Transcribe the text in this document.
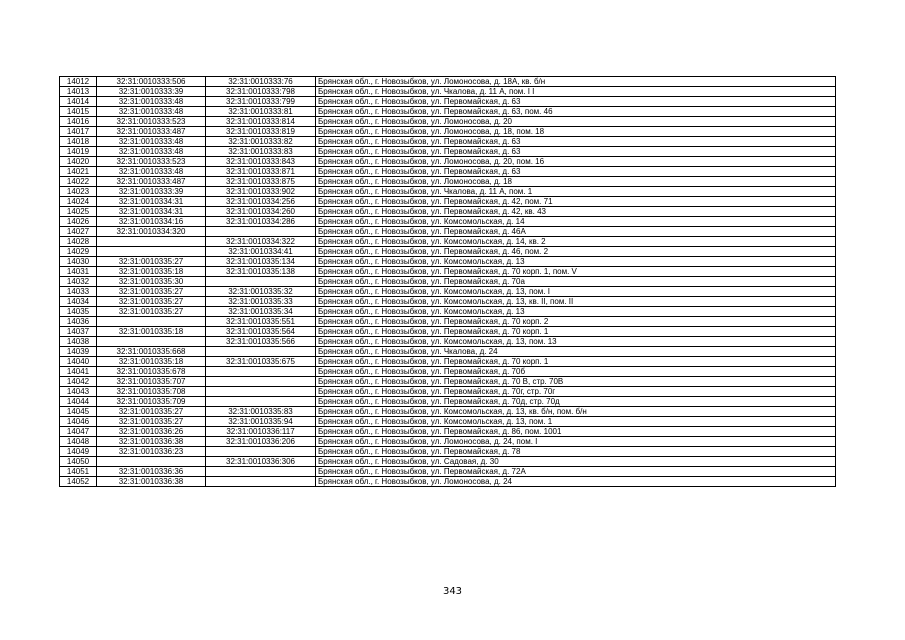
14012	32:31:0010333:506	32:31:0010333:76	Брянская обл., г. Новозыбков, ул. Ломоносова, д. 18А, кв. б/н
14013	32:31:0010333:39	32:31:0010333:798	Брянская обл., г. Новозыбков, ул. Чкалова, д. 11 А, пом. I I
14014	32:31:0010333:48	32:31:0010333:799	Брянская обл., г. Новозыбков, ул. Первомайская, д. 63
14015	32:31:0010333:48	32:31:0010333:81	Брянская обл., г. Новозыбков, ул. Первомайская, д. 63, пом. 46
14016	32:31:0010333:523	32:31:0010333:814	Брянская обл., г. Новозыбков, ул. Ломоносова, д. 20
14017	32:31:0010333:487	32:31:0010333:819	Брянская обл., г. Новозыбков, ул. Ломоносова, д. 18, пом. 18
14018	32:31:0010333:48	32:31:0010333:82	Брянская обл., г. Новозыбков, ул. Первомайская, д. 63
14019	32:31:0010333:48	32:31:0010333:83	Брянская обл., г. Новозыбков, ул. Первомайская, д. 63
14020	32:31:0010333:523	32:31:0010333:843	Брянская обл., г. Новозыбков, ул. Ломоносова, д. 20, пом. 16
14021	32:31:0010333:48	32:31:0010333:871	Брянская обл., г. Новозыбков, ул. Первомайская, д. 63
14022	32:31:0010333:487	32:31:0010333:875	Брянская обл., г. Новозыбков, ул. Ломоносова, д. 18
14023	32:31:0010333:39	32:31:0010333:902	Брянская обл., г. Новозыбков, ул. Чкалова, д. 11 А, пом. 1
14024	32:31:0010334:31	32:31:0010334:256	Брянская обл., г. Новозыбков, ул. Первомайская, д. 42, пом. 71
14025	32:31:0010334:31	32:31:0010334:260	Брянская обл., г. Новозыбков, ул. Первомайская, д. 42, кв. 43
14026	32:31:0010334:16	32:31:0010334:286	Брянская обл., г. Новозыбков, ул. Комсомольская, д. 14
14027	32:31:0010334:320		Брянская обл., г. Новозыбков, ул. Первомайская, д. 46А
14028		32:31:0010334:322	Брянская обл., г. Новозыбков, ул. Комсомольская, д. 14, кв. 2
14029		32:31:0010334:41	Брянская обл., г. Новозыбков, ул. Первомайская, д. 46, пом. 2
14030	32:31:0010335:27	32:31:0010335:134	Брянская обл., г. Новозыбков, ул. Комсомольская, д. 13
14031	32:31:0010335:18	32:31:0010335:138	Брянская обл., г. Новозыбков, ул. Первомайская, д. 70 корп. 1, пом. V
14032	32:31:0010335:30		Брянская обл., г. Новозыбков, ул. Первомайская, д. 70а
14033	32:31:0010335:27	32:31:0010335:32	Брянская обл., г. Новозыбков, ул. Комсомольская, д. 13, пом. I
14034	32:31:0010335:27	32:31:0010335:33	Брянская обл., г. Новозыбков, ул. Комсомольская, д. 13, кв. II, пом. II
14035	32:31:0010335:27	32:31:0010335:34	Брянская обл., г. Новозыбков, ул. Комсомольская, д. 13
14036		32:31:0010335:551	Брянская обл., г. Новозыбков, ул. Первомайская, д. 70 корп. 2
14037	32:31:0010335:18	32:31:0010335:564	Брянская обл., г. Новозыбков, ул. Первомайская, д. 70 корп. 1
14038		32:31:0010335:566	Брянская обл., г. Новозыбков, ул. Комсомольская, д. 13, пом. 13
14039	32:31:0010335:668		Брянская обл., г. Новозыбков, ул. Чкалова, д. 24
14040	32:31:0010335:18	32:31:0010335:675	Брянская обл., г. Новозыбков, ул. Первомайская, д. 70 корп. 1
14041	32:31:0010335:678		Брянская обл., г. Новозыбков, ул. Первомайская, д. 70б
14042	32:31:0010335:707		Брянская обл., г. Новозыбков, ул. Первомайская, д. 70 В, стр. 70В
14043	32:31:0010335:708		Брянская обл., г. Новозыбков, ул. Первомайская, д. 70г, стр. 70г
14044	32:31:0010335:709		Брянская обл., г. Новозыбков, ул. Первомайская, д. 70д, стр. 70д
14045	32:31:0010335:27	32:31:0010335:83	Брянская обл., г. Новозыбков, ул. Комсомольская, д. 13, кв. б/н, пом. б/н
14046	32:31:0010335:27	32:31:0010335:94	Брянская обл., г. Новозыбков, ул. Комсомольская, д. 13, пом. 1
14047	32:31:0010336:26	32:31:0010336:117	Брянская обл., г. Новозыбков, ул. Первомайская, д. 86, пом. 1001
14048	32:31:0010336:38	32:31:0010336:206	Брянская обл., г. Новозыбков, ул. Ломоносова, д. 24, пом. I
14049	32:31:0010336:23		Брянская обл., г. Новозыбков, ул. Первомайская, д. 78
14050		32:31:0010336:306	Брянская обл., г. Новозыбков, ул. Садовая, д. 30
14051	32:31:0010336:36		Брянская обл., г. Новозыбков, ул. Первомайская, д. 72А
14052	32:31:0010336:38		Брянская обл., г. Новозыбков, ул. Ломоносова, д. 24
343
